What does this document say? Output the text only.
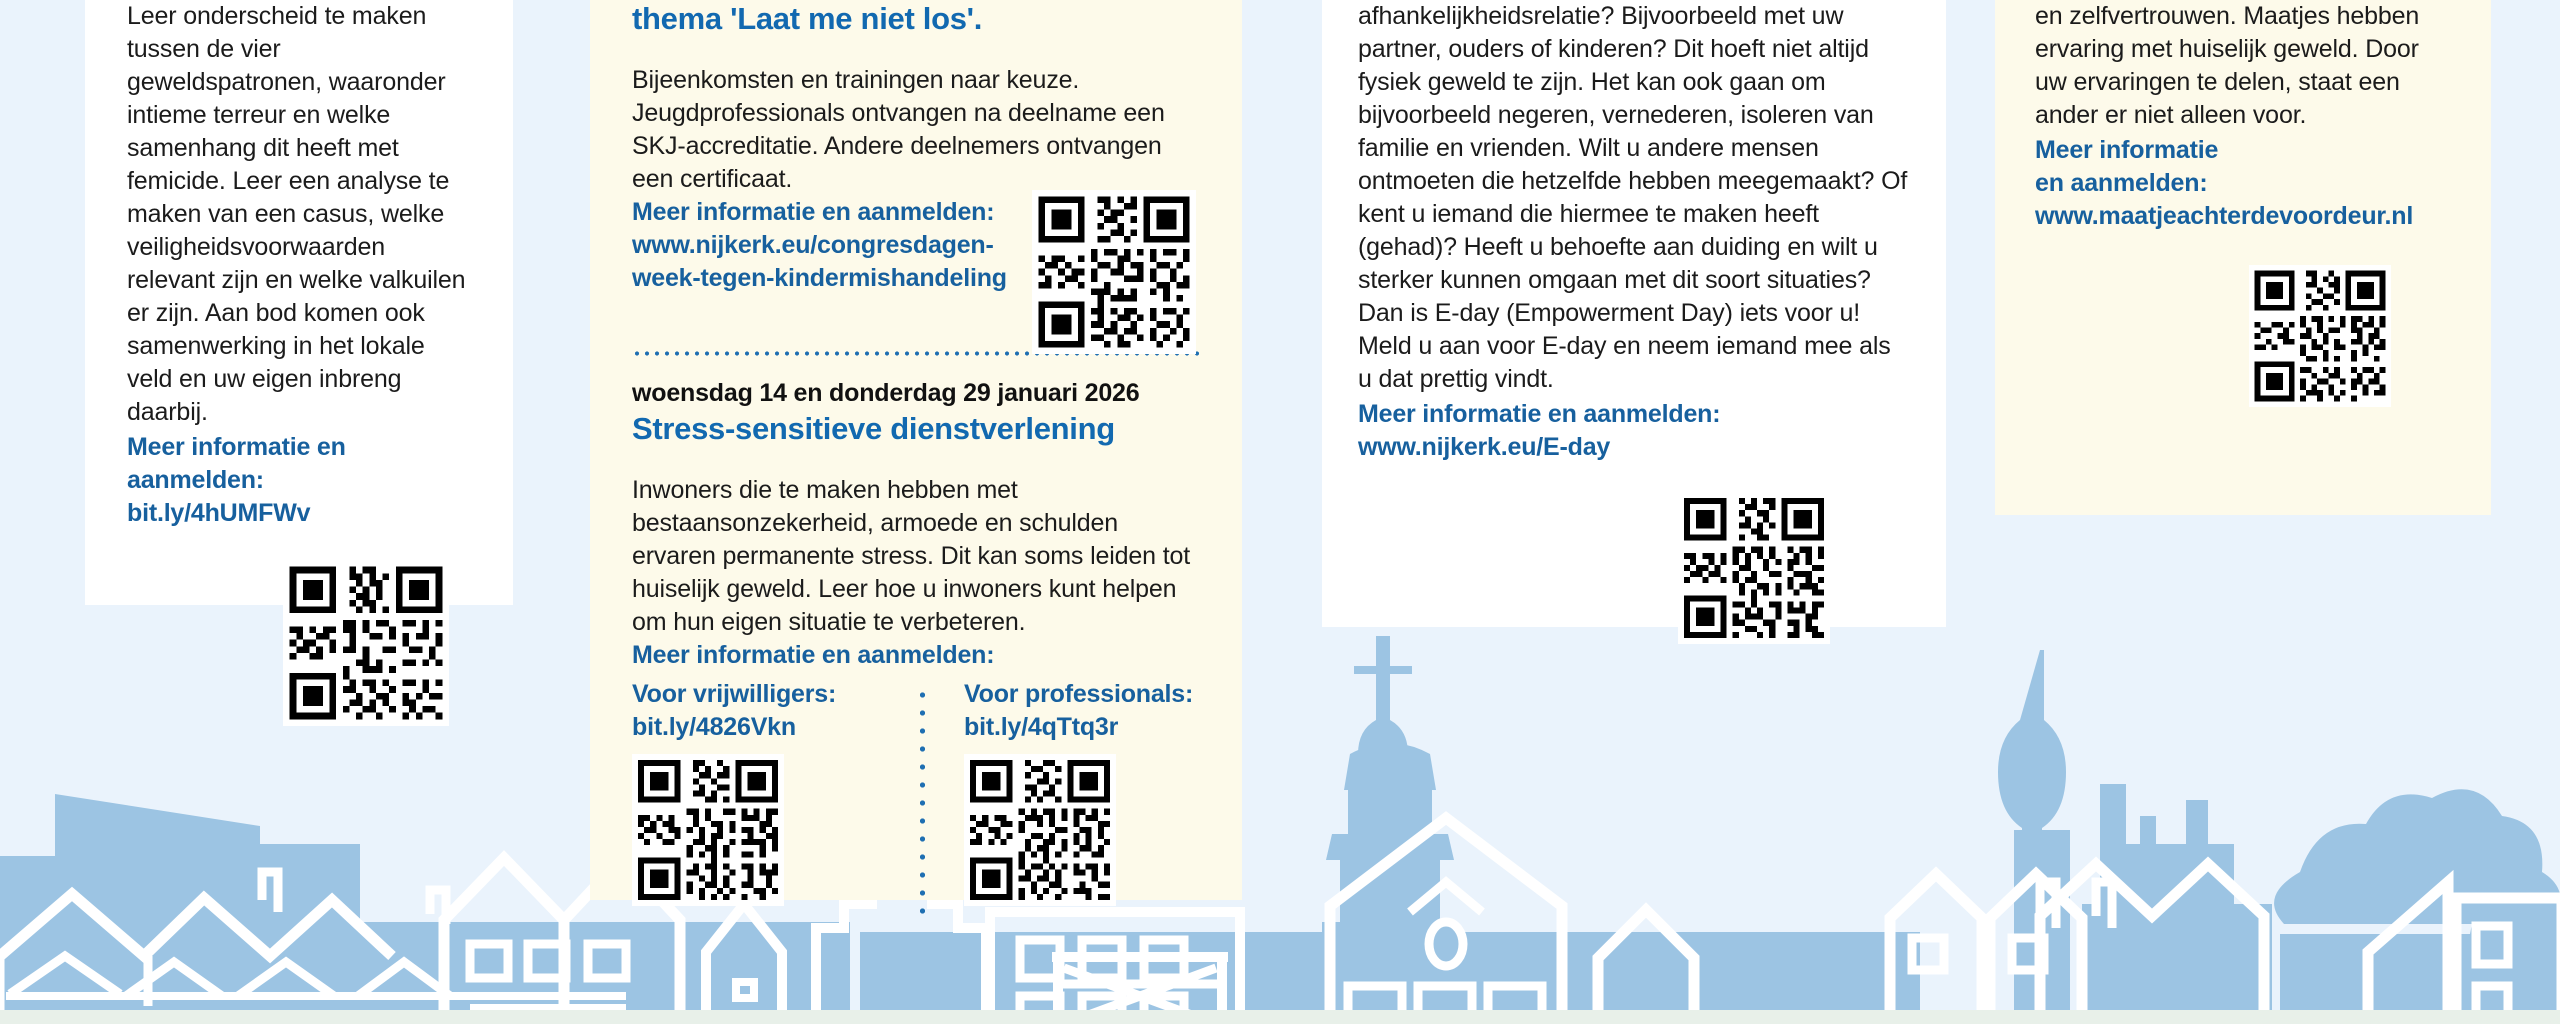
Leer onderscheid te maken tussen de vier geweldspatronen, waaronder intieme terreur en welke samenhang dit heeft met femicide. Leer een analyse te maken van een casus, welke veiligheidsvoorwaarden relevant zijn en welke valkuilen er zijn. Aan bod komen ook samenwerking in het lokale veld en uw eigen inbreng daarbij.
Meer informatie en aanmelden:
bit.ly/4hUMFWv
thema 'Laat me niet los'.
Bijeenkomsten en trainingen naar keuze. Jeugdprofessionals ontvangen na deelname een SKJ-accreditatie. Andere deelnemers ontvangen een certificaat.
Meer informatie en aanmelden:
www.nijkerk.eu/congresdagen-
week-tegen-kindermishandeling
woensdag 14 en donderdag 29 januari 2026
Stress-sensitieve dienstverlening
Inwoners die te maken hebben met bestaansonzekerheid, armoede en schulden ervaren permanente stress. Dit kan soms leiden tot huiselijk geweld. Leer hoe u inwoners kunt helpen om hun eigen situatie te verbeteren.
Meer informatie en aanmelden:
Voor vrijwilligers:
bit.ly/4826Vkn
Voor professionals:
bit.ly/4qTtq3r
afhankelijkheidsrelatie? Bijvoorbeeld met uw partner, ouders of kinderen? Dit hoeft niet altijd fysiek geweld te zijn. Het kan ook gaan om bijvoorbeeld negeren, vernederen, isoleren van familie en vrienden. Wilt u andere mensen ontmoeten die hetzelfde hebben meegemaakt? Of kent u iemand die hiermee te maken heeft (gehad)? Heeft u behoefte aan duiding en wilt u sterker kunnen omgaan met dit soort situaties? Dan is E-day (Empowerment Day) iets voor u! Meld u aan voor E-day en neem iemand mee als u dat prettig vindt.
Meer informatie en aanmelden:
www.nijkerk.eu/E-day
en zelfvertrouwen. Maatjes hebben ervaring met huiselijk geweld. Door uw ervaringen te delen, staat een ander er niet alleen voor.
Meer informatie
en aanmelden:
www.maatjeachterdevoordeur.nl
